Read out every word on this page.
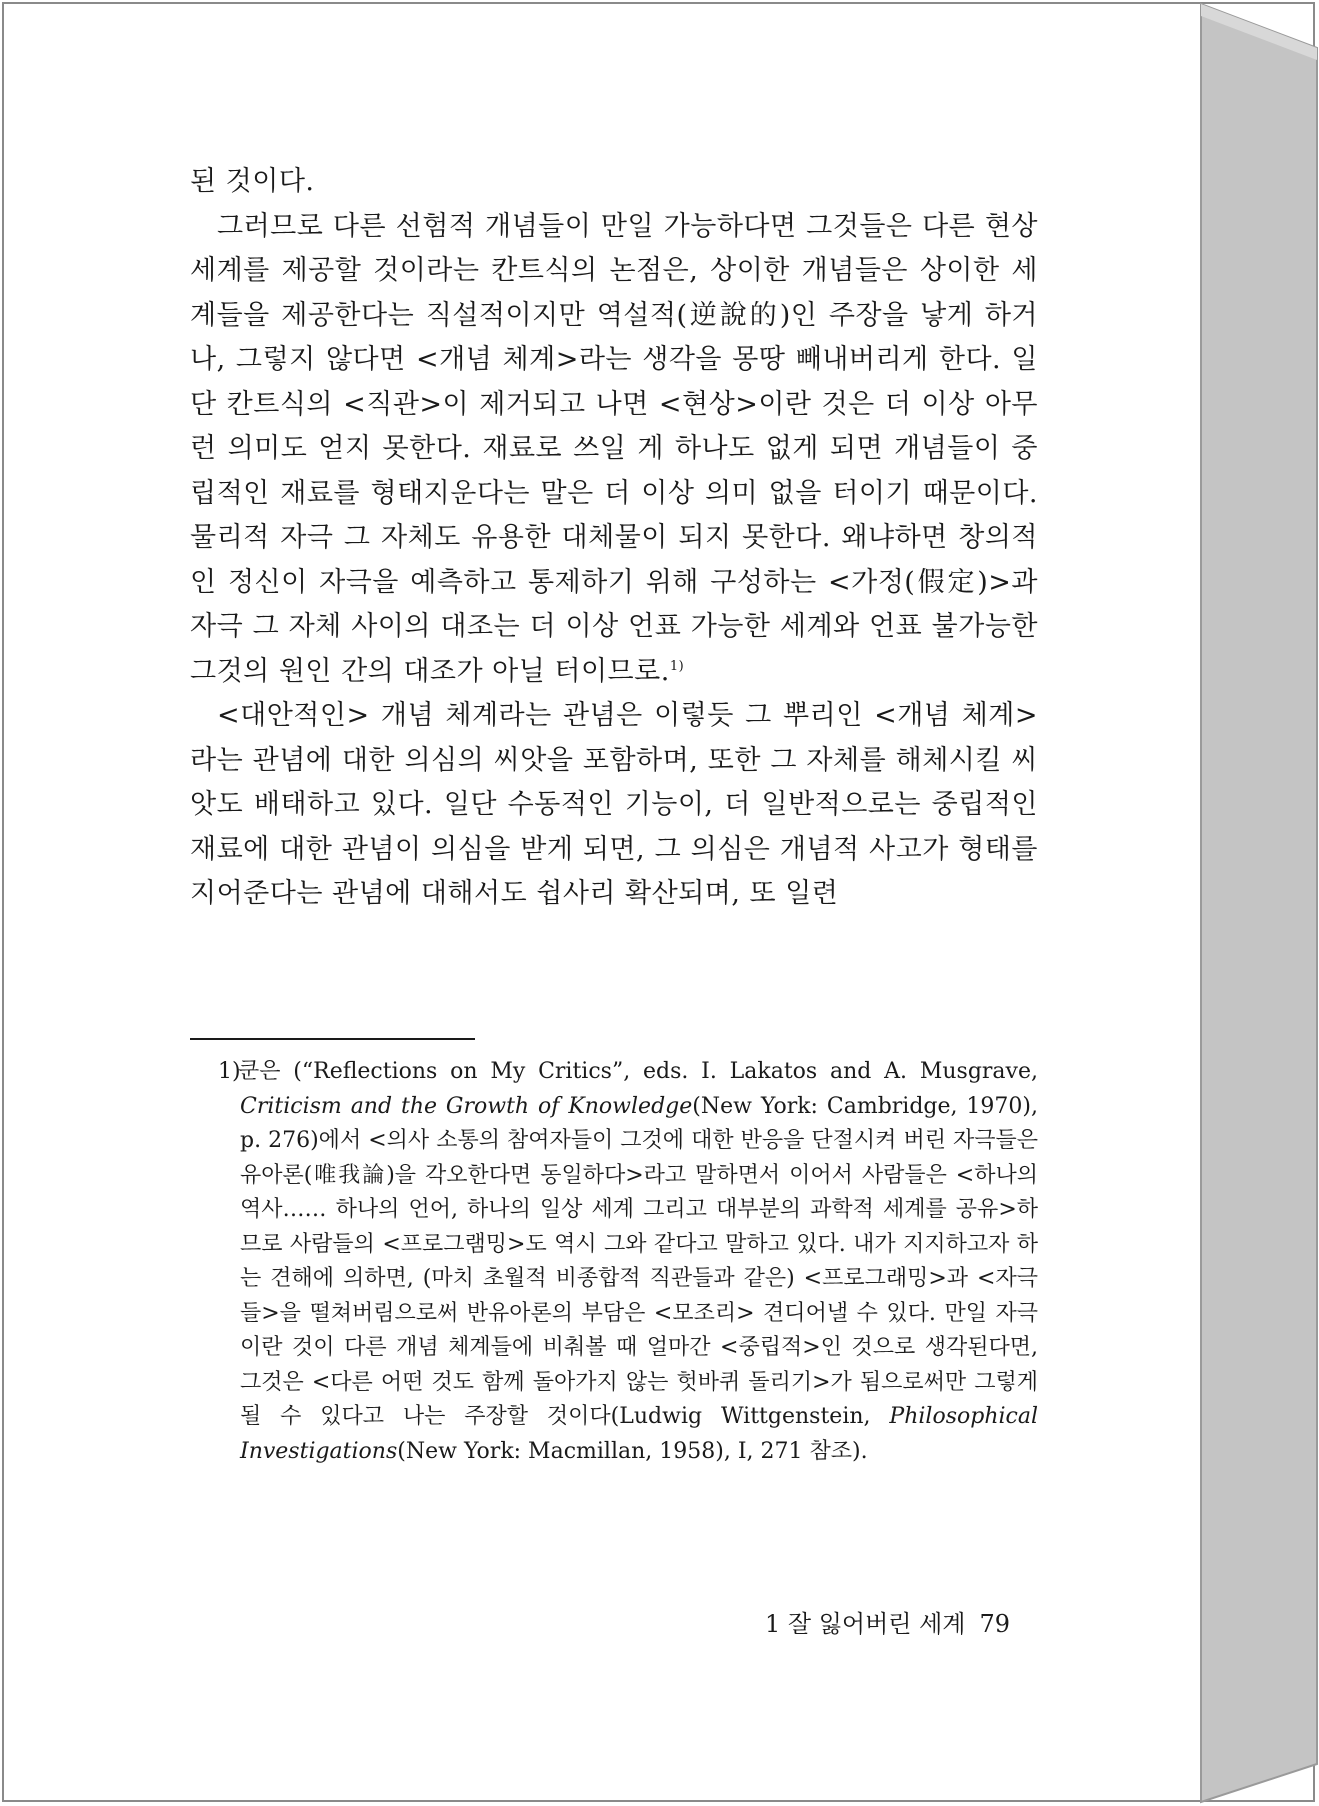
된 것이다.

그러므로 다른 선험적 개념들이 만일 가능하다면 그것들은 다른 현상 세계를 제공할 것이라는 칸트식의 논점은, 상이한 개념들은 상이한 세계들을 제공한다는 직설적이지만 역설적(逆說的)인 주장을 낳게 하거나, 그렇지 않다면 <개념 체계>라는 생각을 몽땅 빼내버리게 한다. 일단 칸트식의 <직관>이 제거되고 나면 <현상>이란 것은 더 이상 아무런 의미도 얻지 못한다. 재료로 쓰일 게 하나도 없게 되면 개념들이 중립적인 재료를 형태지운다는 말은 더 이상 의미 없을 터이기 때문이다. 물리적 자극 그 자체도 유용한 대체물이 되지 못한다. 왜냐하면 창의적인 정신이 자극을 예측하고 통제하기 위해 구성하는 <가정(假定)>과 자극 그 자체 사이의 대조는 더 이상 언표 가능한 세계와 언표 불가능한 그것의 원인 간의 대조가 아닐 터이므로.$^{1)}$

<대안적인> 개념 체계라는 관념은 이렇듯 그 뿌리인 <개념 체계>라는 관념에 대한 의심의 씨앗을 포함하며, 또한 그 자체를 해체시킬 씨앗도 배태하고 있다. 일단 수동적인 기능이, 더 일반적으로는 중립적인 재료에 대한 관념이 의심을 받게 되면, 그 의심은 개념적 사고가 형태를 지어준다는 관념에 대해서도 쉽사리 확산되며, 또 일련

1)쿤은 (“Reflections on My Critics”, eds. I. Lakatos and A. Musgrave, Criticism and the Growth of Knowledge(New York: Cambridge, 1970), p. 276)에서 <의사 소통의 참여자들이 그것에 대한 반응을 단절시켜 버린 자극들은 유아론(唯我論)을 각오한다면 동일하다>라고 말하면서 이어서 사람들은 <하나의 역사…… 하나의 언어, 하나의 일상 세계 그리고 대부분의 과학적 세계를 공유>하므로 사람들의 <프로그램밍>도 역시 그와 같다고 말하고 있다. 내가 지지하고자 하는 견해에 의하면, (마치 초월적 비종합적 직관들과 같은) <프로그래밍>과 <자극들>을 떨쳐버림으로써 반유아론의 부담은 <모조리> 견디어낼 수 있다. 만일 자극이란 것이 다른 개념 체계들에 비춰볼 때 얼마간 <중립적>인 것으로 생각된다면, 그것은 <다른 어떤 것도 함께 돌아가지 않는 헛바퀴 돌리기>가 됨으로써만 그렇게 될 수 있다고 나는 주장할 것이다(Ludwig Wittgenstein, Philosophical Investigations(New York: Macmillan, 1958), I, 271 참조).
1 잘 잃어버린 세계 79
